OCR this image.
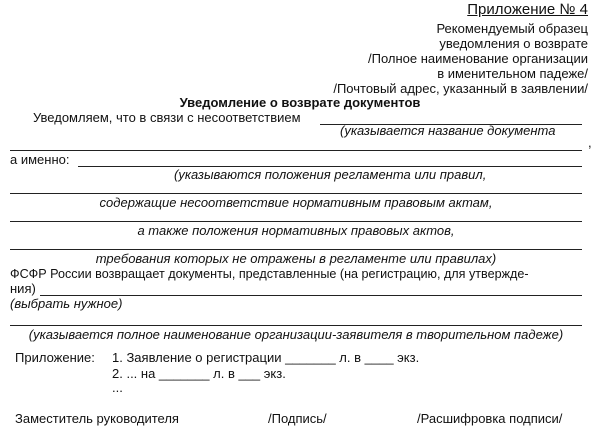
Приложение № 4
Рекомендуемый образец
уведомления о возврате
/Полное наименование организации
в именительном падеже/
/Почтовый адрес, указанный в заявлении/
Уведомление о возврате документов
Уведомляем, что в связи с несоответствием
(указывается название документа
,
а именно:
(указываются положения регламента или правил,
содержащие несоответствие нормативным правовым актам,
а также положения нормативных правовых актов,
требования которых не отражены в регламенте или правилах)
ФСФР России возвращает документы, представленные (на регистрацию, для утвержде-
ния)
(выбрать нужное)
(указывается полное наименование организации-заявителя в творительном падеже)
Приложение: 1. Заявление о регистрации _______ л. в ____ экз.
2. ... на _______ л. в ___ экз.
...
Заместитель руководителя	/Подпись/	/Расшифровка подписи/
